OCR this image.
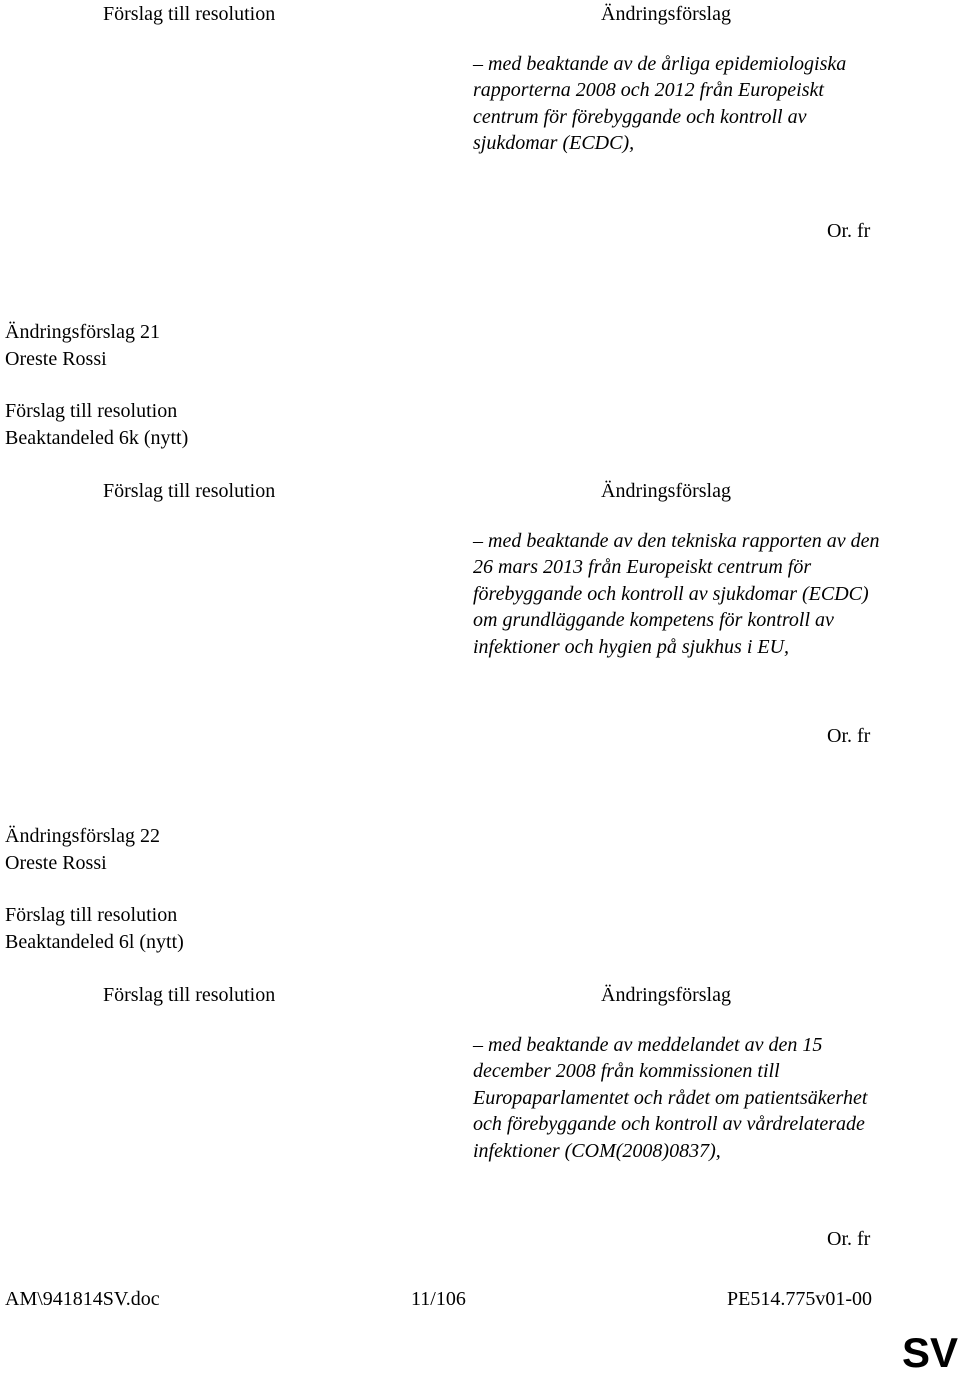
Förslag till resolution	Ändringsförslag

– med beaktande av de årliga epidemiologiska rapporterna 2008 och 2012 från Europeiskt centrum för förebyggande och kontroll av sjukdomar (ECDC),

Or. fr
Ändringsförslag 21
Oreste Rossi
Förslag till resolution
Beaktandeled 6k (nytt)
Förslag till resolution	Ändringsförslag

– med beaktande av den tekniska rapporten av den 26 mars 2013 från Europeiskt centrum för förebyggande och kontroll av sjukdomar (ECDC) om grundläggande kompetens för kontroll av infektioner och hygien på sjukhus i EU,

Or. fr
Ändringsförslag 22
Oreste Rossi
Förslag till resolution
Beaktandeled 6l (nytt)
Förslag till resolution	Ändringsförslag

– med beaktande av meddelandet av den 15 december 2008 från kommissionen till Europaparlamentet och rådet om patientsäkerhet och förebyggande och kontroll av vårdrelaterade infektioner (COM(2008)0837),

Or. fr
AM\941814SV.doc	11/106	PE514.775v01-00
SV
